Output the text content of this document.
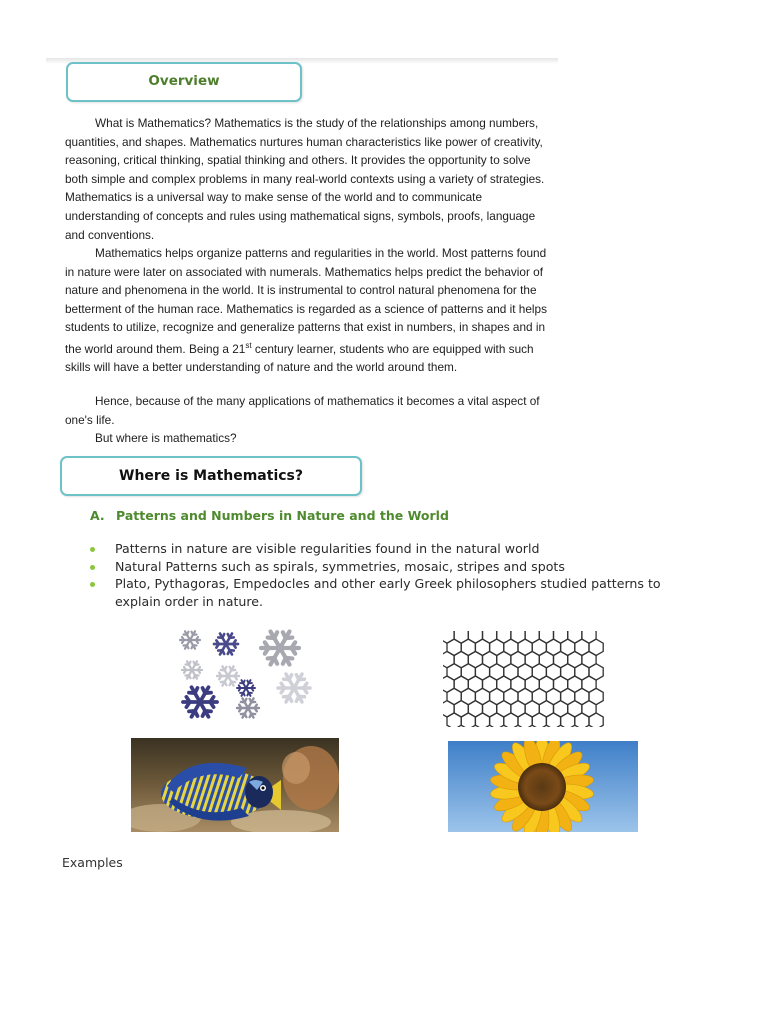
Overview

What is Mathematics? Mathematics is the study of the relationships among numbers, quantities, and shapes. Mathematics nurtures human characteristics like power of creativity, reasoning, critical thinking, spatial thinking and others. It provides the opportunity to solve both simple and complex problems in many real-world contexts using a variety of strategies. Mathematics is a universal way to make sense of the world and to communicate understanding of concepts and rules using mathematical signs, symbols, proofs, language and conventions.

Mathematics helps organize patterns and regularities in the world. Most patterns found in nature were later on associated with numerals. Mathematics helps predict the behavior of nature and phenomena in the world. It is instrumental to control natural phenomena for the betterment of the human race. Mathematics is regarded as a science of patterns and it helps students to utilize, recognize and generalize patterns that exist in numbers, in shapes and in the world around them. Being a 21st century learner, students who are equipped with such skills will have a better understanding of nature and the world around them.

Hence, because of the many applications of mathematics it becomes a vital aspect of one's life.

But where is mathematics?

Where is Mathematics?

A. Patterns and Numbers in Nature and the World

Patterns in nature are visible regularities found in the natural world
Natural Patterns such as spirals, symmetries, mosaic, stripes and spots
Plato, Pythagoras, Empedocles and other early Greek philosophers studied patterns to explain order in nature.

Examples
